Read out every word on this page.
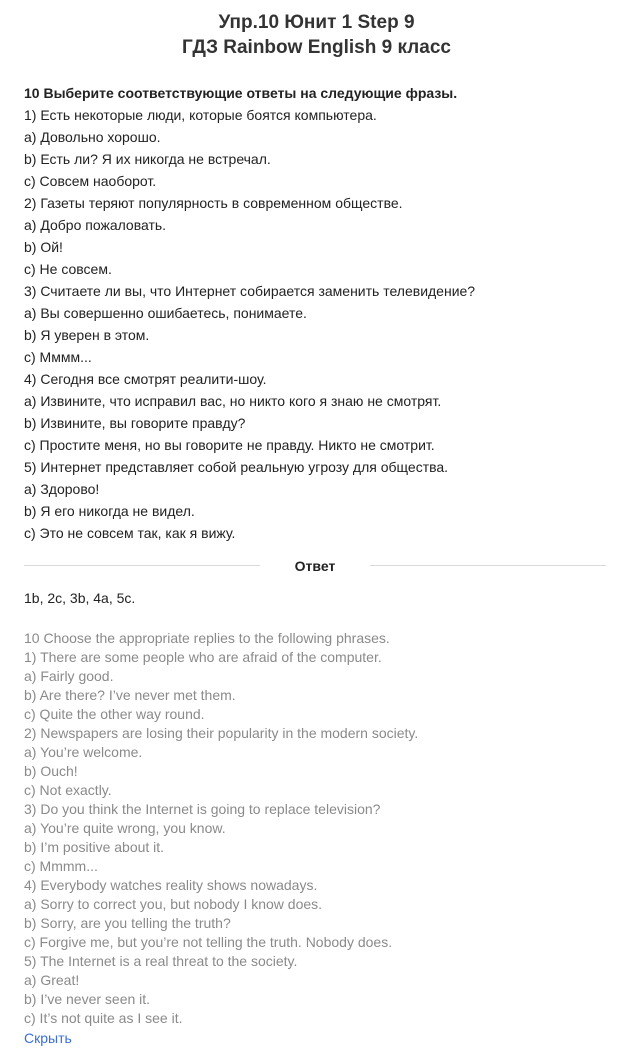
Упр.10 Юнит 1 Step 9
ГДЗ Rainbow English 9 класс
10 Выберите соответствующие ответы на следующие фразы.
1) Есть некоторые люди, которые боятся компьютера.
a) Довольно хорошо.
b) Есть ли? Я их никогда не встречал.
c) Совсем наоборот.
2) Газеты теряют популярность в современном обществе.
a) Добро пожаловать.
b) Ой!
c) Не совсем.
3) Считаете ли вы, что Интернет собирается заменить телевидение?
a) Вы совершенно ошибаетесь, понимаете.
b) Я уверен в этом.
c) Мммм...
4) Сегодня все смотрят реалити-шоу.
a) Извините, что исправил вас, но никто кого я знаю не смотрят.
b) Извините, вы говорите правду?
c) Простите меня, но вы говорите не правду. Никто не смотрит.
5) Интернет представляет собой реальную угрозу для общества.
a) Здорово!
b) Я его никогда не видел.
c) Это не совсем так, как я вижу.
Ответ
1b, 2c, 3b, 4a, 5c.
10 Choose the appropriate replies to the following phrases.
1) There are some people who are afraid of the computer.
a) Fairly good.
b) Are there? I’ve never met them.
c) Quite the other way round.
2) Newspapers are losing their popularity in the modern society.
a) You’re welcome.
b) Ouch!
c) Not exactly.
3) Do you think the Internet is going to replace television?
a) You’re quite wrong, you know.
b) I’m positive about it.
c) Mmmm...
4) Everybody watches reality shows nowadays.
a) Sorry to correct you, but nobody I know does.
b) Sorry, are you telling the truth?
c) Forgive me, but you’re not telling the truth. Nobody does.
5) The Internet is a real threat to the society.
a) Great!
b) I’ve never seen it.
c) It’s not quite as I see it.
Скрыть
